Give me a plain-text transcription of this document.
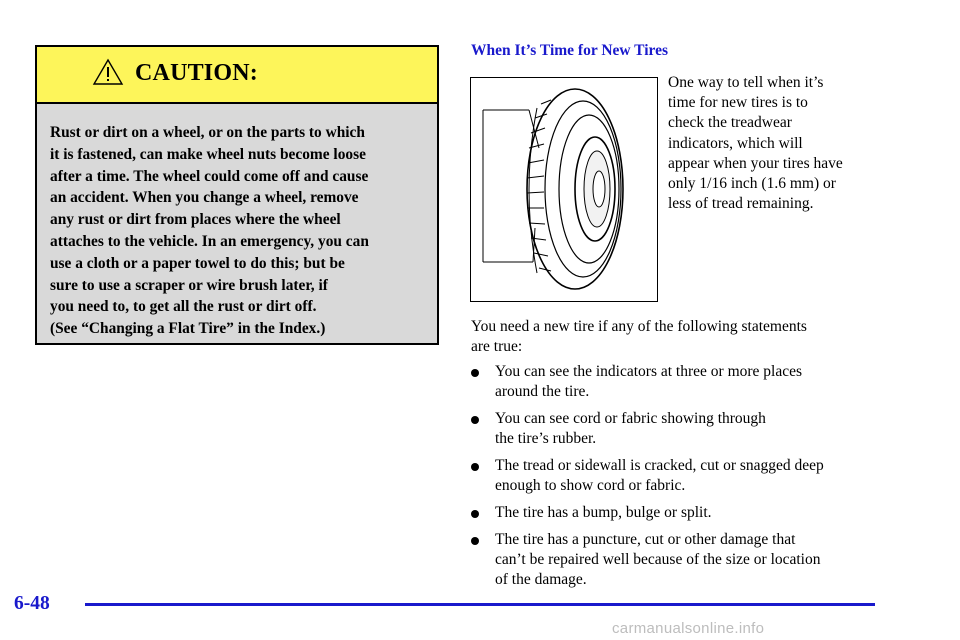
CAUTION:
Rust or dirt on a wheel, or on the parts to which
it is fastened, can make wheel nuts become loose
after a time. The wheel could come off and cause
an accident. When you change a wheel, remove
any rust or dirt from places where the wheel
attaches to the vehicle. In an emergency, you can
use a cloth or a paper towel to do this; but be
sure to use a scraper or wire brush later, if
you need to, to get all the rust or dirt off.
(See “Changing a Flat Tire” in the Index.)
When It’s Time for New Tires
One way to tell when it’s
time for new tires is to
check the treadwear
indicators, which will
appear when your tires have
only 1/16 inch (1.6 mm) or
less of tread remaining.
You need a new tire if any of the following statements
are true:
You can see the indicators at three or more places
around the tire.
You can see cord or fabric showing through
the tire’s rubber.
The tread or sidewall is cracked, cut or snagged deep
enough to show cord or fabric.
The tire has a bump, bulge or split.
The tire has a puncture, cut or other damage that
can’t be repaired well because of the size or location
of the damage.
6-48
carmanualsonline.info
